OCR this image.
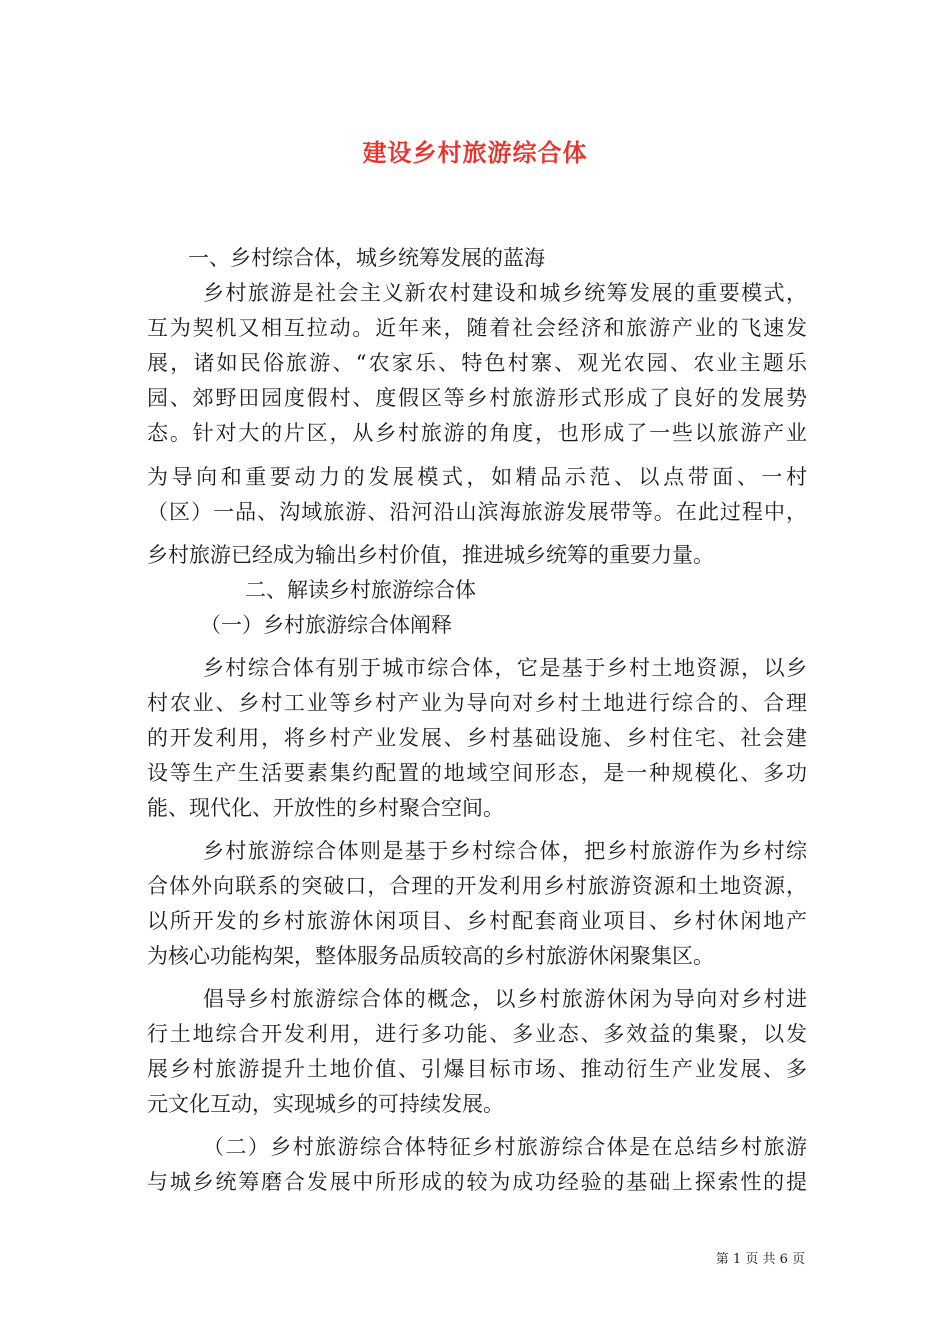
建设乡村旅游综合体
一、乡村综合体，城乡统筹发展的蓝海
乡村旅游是社会主义新农村建设和城乡统筹发展的重要模式，
互为契机又相互拉动。近年来，随着社会经济和旅游产业的飞速发
展，诸如民俗旅游、“农家乐、特色村寨、观光农园、农业主题乐
园、郊野田园度假村、度假区等乡村旅游形式形成了良好的发展势
态。针对大的片区，从乡村旅游的角度，也形成了一些以旅游产业
为导向和重要动力的发展模式，如精品示范、以点带面、一村
（区）一品、沟域旅游、沿河沿山滨海旅游发展带等。在此过程中，
乡村旅游已经成为输出乡村价值，推进城乡统筹的重要力量。
二、解读乡村旅游综合体
（一）乡村旅游综合体阐释
乡村综合体有别于城市综合体，它是基于乡村土地资源，以乡
村农业、乡村工业等乡村产业为导向对乡村土地进行综合的、合理
的开发利用，将乡村产业发展、乡村基础设施、乡村住宅、社会建
设等生产生活要素集约配置的地域空间形态，是一种规模化、多功
能、现代化、开放性的乡村聚合空间。
乡村旅游综合体则是基于乡村综合体，把乡村旅游作为乡村综
合体外向联系的突破口，合理的开发利用乡村旅游资源和土地资源，
以所开发的乡村旅游休闲项目、乡村配套商业项目、乡村休闲地产
为核心功能构架，整体服务品质较高的乡村旅游休闲聚集区。
倡导乡村旅游综合体的概念，以乡村旅游休闲为导向对乡村进
行土地综合开发利用，进行多功能、多业态、多效益的集聚，以发
展乡村旅游提升土地价值、引爆目标市场、推动衍生产业发展、多
元文化互动，实现城乡的可持续发展。
（二）乡村旅游综合体特征乡村旅游综合体是在总结乡村旅游
与城乡统筹磨合发展中所形成的较为成功经验的基础上探索性的提
第 1 页 共 6 页
